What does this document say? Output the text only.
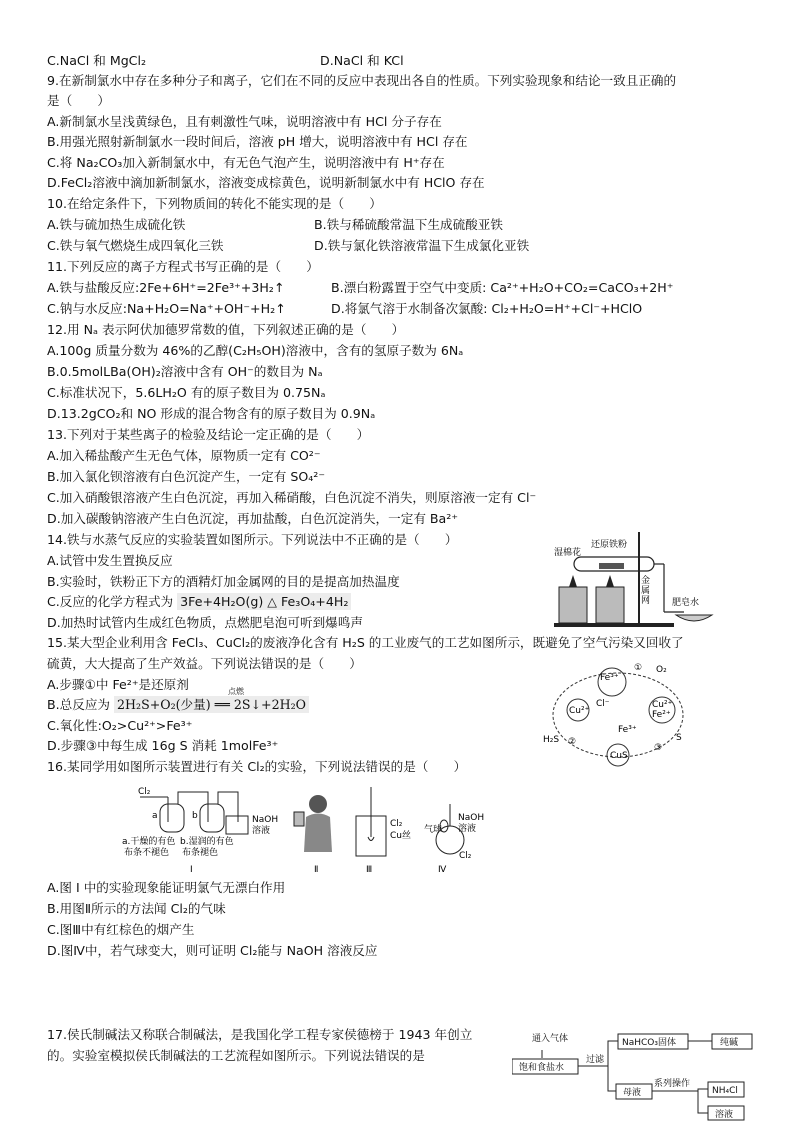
C.NaCl 和 MgCl₂	D.NaCl 和 KCl
9.在新制氯水中存在多种分子和离子，它们在不同的反应中表现出各自的性质。下列实验现象和结论一致且正确的
是（　　）
A.新制氯水呈浅黄绿色，且有刺激性气味，说明溶液中有 HCl 分子存在
B.用强光照射新制氯水一段时间后，溶液 pH 增大，说明溶液中有 HCl 存在
C.将 Na₂CO₃加入新制氯水中，有无色气泡产生，说明溶液中有 H⁺存在
D.FeCl₂溶液中滴加新制氯水，溶液变成棕黄色，说明新制氯水中有 HClO 存在
10.在给定条件下，下列物质间的转化不能实现的是（　　）
A.铁与硫加热生成硫化铁	B.铁与稀硫酸常温下生成硫酸亚铁
C.铁与氧气燃烧生成四氧化三铁	D.铁与氯化铁溶液常温下生成氯化亚铁
11.下列反应的离子方程式书写正确的是（　　）
A.铁与盐酸反应:2Fe+6H⁺=2Fe³⁺+3H₂↑	B.漂白粉露置于空气中变质: Ca²⁺+H₂O+CO₂=CaCO₃+2H⁺
C.钠与水反应:Na+H₂O=Na⁺+OH⁻+H₂↑	D.将氯气溶于水制备次氯酸: Cl₂+H₂O=H⁺+Cl⁻+HClO
12.用 Nₐ 表示阿伏加德罗常数的值，下列叙述正确的是（　　）
A.100g 质量分数为 46%的乙醇(C₂H₅OH)溶液中，含有的氢原子数为 6Nₐ
B.0.5molLBa(OH)₂溶液中含有 OH⁻的数目为 Nₐ
C.标准状况下，5.6LH₂O 有的原子数目为 0.75Nₐ
D.13.2gCO₂和 NO 形成的混合物含有的原子数目为 0.9Nₐ
13.下列对于某些离子的检验及结论一定正确的是（　　）
A.加入稀盐酸产生无色气体，原物质一定有 CO²⁻
B.加入氯化钡溶液有白色沉淀产生，一定有 SO₄²⁻
C.加入硝酸银溶液产生白色沉淀，再加入稀硝酸，白色沉淀不消失，则原溶液一定有 Cl⁻
D.加入碳酸钠溶液产生白色沉淀，再加盐酸，白色沉淀消失，一定有 Ba²⁺
14.铁与水蒸气反应的实验装置如图所示。下列说法中不正确的是（　　）
A.试管中发生置换反应
B.实验时，铁粉正下方的酒精灯加金属网的目的是提高加热温度
C.反应的化学方程式为 3Fe+4H₂O(g) △ Fe₃O₄+4H₂
D.加热时试管内生成红色物质，点燃肥皂泡可听到爆鸣声
湿棉花
还原铁粉
金
属
网 肥皂水
15.某大型企业利用含 FeCl₃、CuCl₂的废液净化含有 H₂S 的工业废气的工艺如图所示，既避免了空气污染又回收了
硫黄，大大提高了生产效益。下列说法错误的是（　　）
A.步骤①中 Fe²⁺是还原剂
B.总反应为 2H₂S+O₂(少量) ══ 2S↓+2H₂O
点燃
C.氧化性:O₂>Cu²⁺>Fe³⁺
D.步骤③中每生成 16g S 消耗 1molFe³⁺
① O₂
Fe³⁺
Cl⁻
Cu²⁺
Cu²⁺
Fe²⁺
Fe³⁺
H₂S ②
CuS
③
S
16.某同学用如图所示装置进行有关 Cl₂的实验，下列说法错误的是（　　）
Cl₂
a	b	NaOH
溶液
a.干燥的有色
布条不褪色
b.湿润的有色
布条褪色
Ⅰ	Ⅱ
Cl₂
Cu丝
Ⅲ
气球
NaOH
溶液
Cl₂
Ⅳ
A.图 I 中的实验现象能证明氯气无漂白作用
B.用图Ⅱ所示的方法闻 Cl₂的气味
C.图Ⅲ中有红棕色的烟产生
D.图Ⅳ中，若气球变大，则可证明 Cl₂能与 NaOH 溶液反应
17.侯氏制碱法又称联合制碱法，是我国化学工程专家侯德榜于 1943 年创立
的。实验室模拟侯氏制碱法的工艺流程如图所示。下列说法错误的是
通入气体
饱和食盐水
过滤
NaHCO₃固体	纯碱
母液
系列操作
NH₄Cl
溶液
